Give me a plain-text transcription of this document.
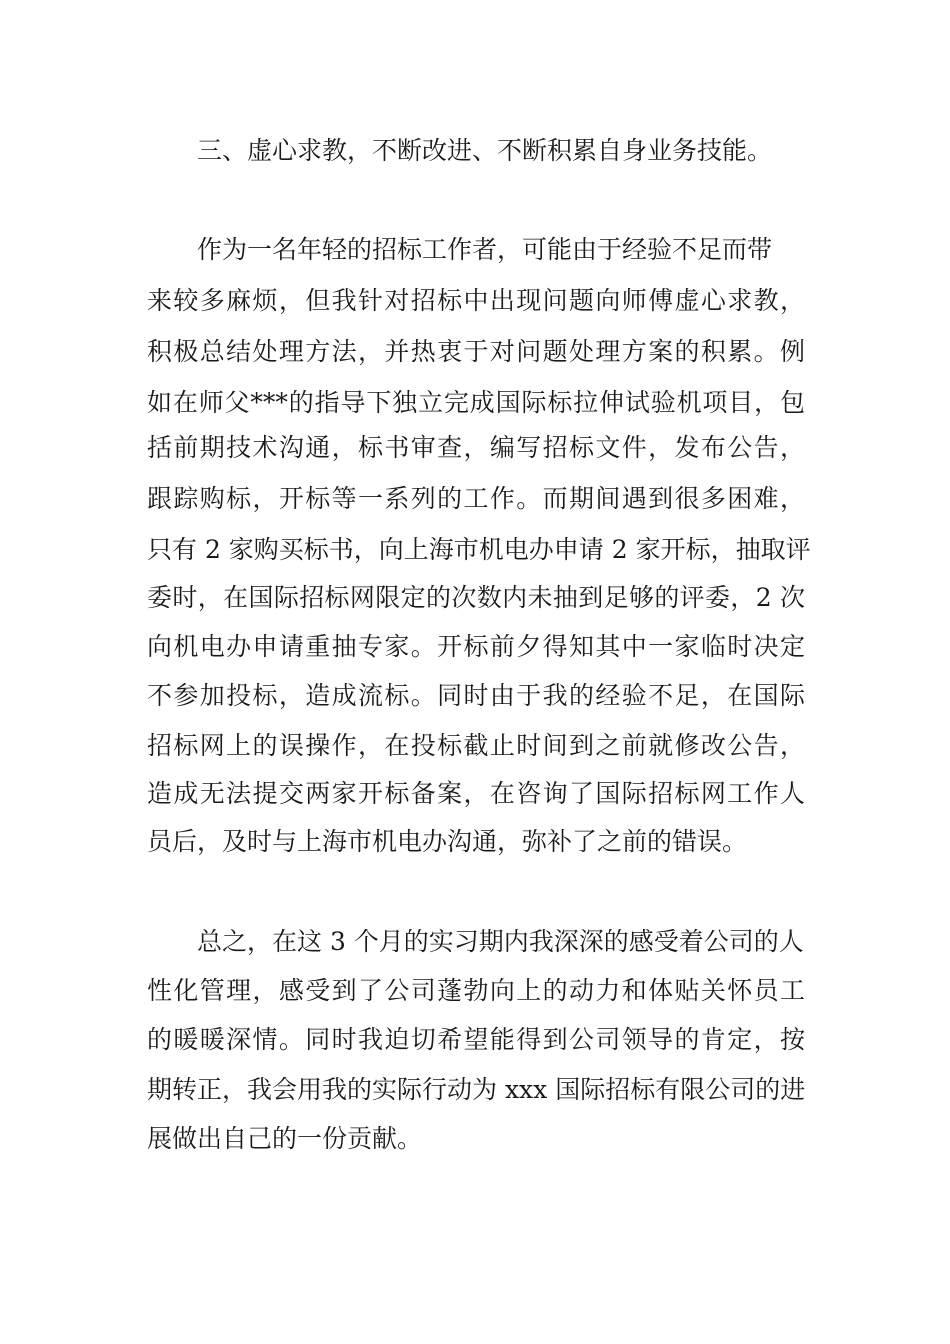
三、虚心求教，不断改进、不断积累自身业务技能。
作为一名年轻的招标工作者，可能由于经验不足而带
来较多麻烦，但我针对招标中出现问题向师傅虚心求教，
积极总结处理方法，并热衷于对问题处理方案的积累。例
如在师父***的指导下独立完成国际标拉伸试验机项目，包
括前期技术沟通，标书审查，编写招标文件，发布公告，
跟踪购标，开标等一系列的工作。而期间遇到很多困难，
只有 2 家购买标书，向上海市机电办申请 2 家开标，抽取评
委时，在国际招标网限定的次数内未抽到足够的评委，2 次
向机电办申请重抽专家。开标前夕得知其中一家临时决定
不参加投标，造成流标。同时由于我的经验不足，在国际
招标网上的误操作，在投标截止时间到之前就修改公告，
造成无法提交两家开标备案，在咨询了国际招标网工作人
员后，及时与上海市机电办沟通，弥补了之前的错误。
总之，在这 3 个月的实习期内我深深的感受着公司的人
性化管理，感受到了公司蓬勃向上的动力和体贴关怀员工
的暖暖深情。同时我迫切希望能得到公司领导的肯定，按
期转正，我会用我的实际行动为 xxx 国际招标有限公司的进
展做出自己的一份贡献。
